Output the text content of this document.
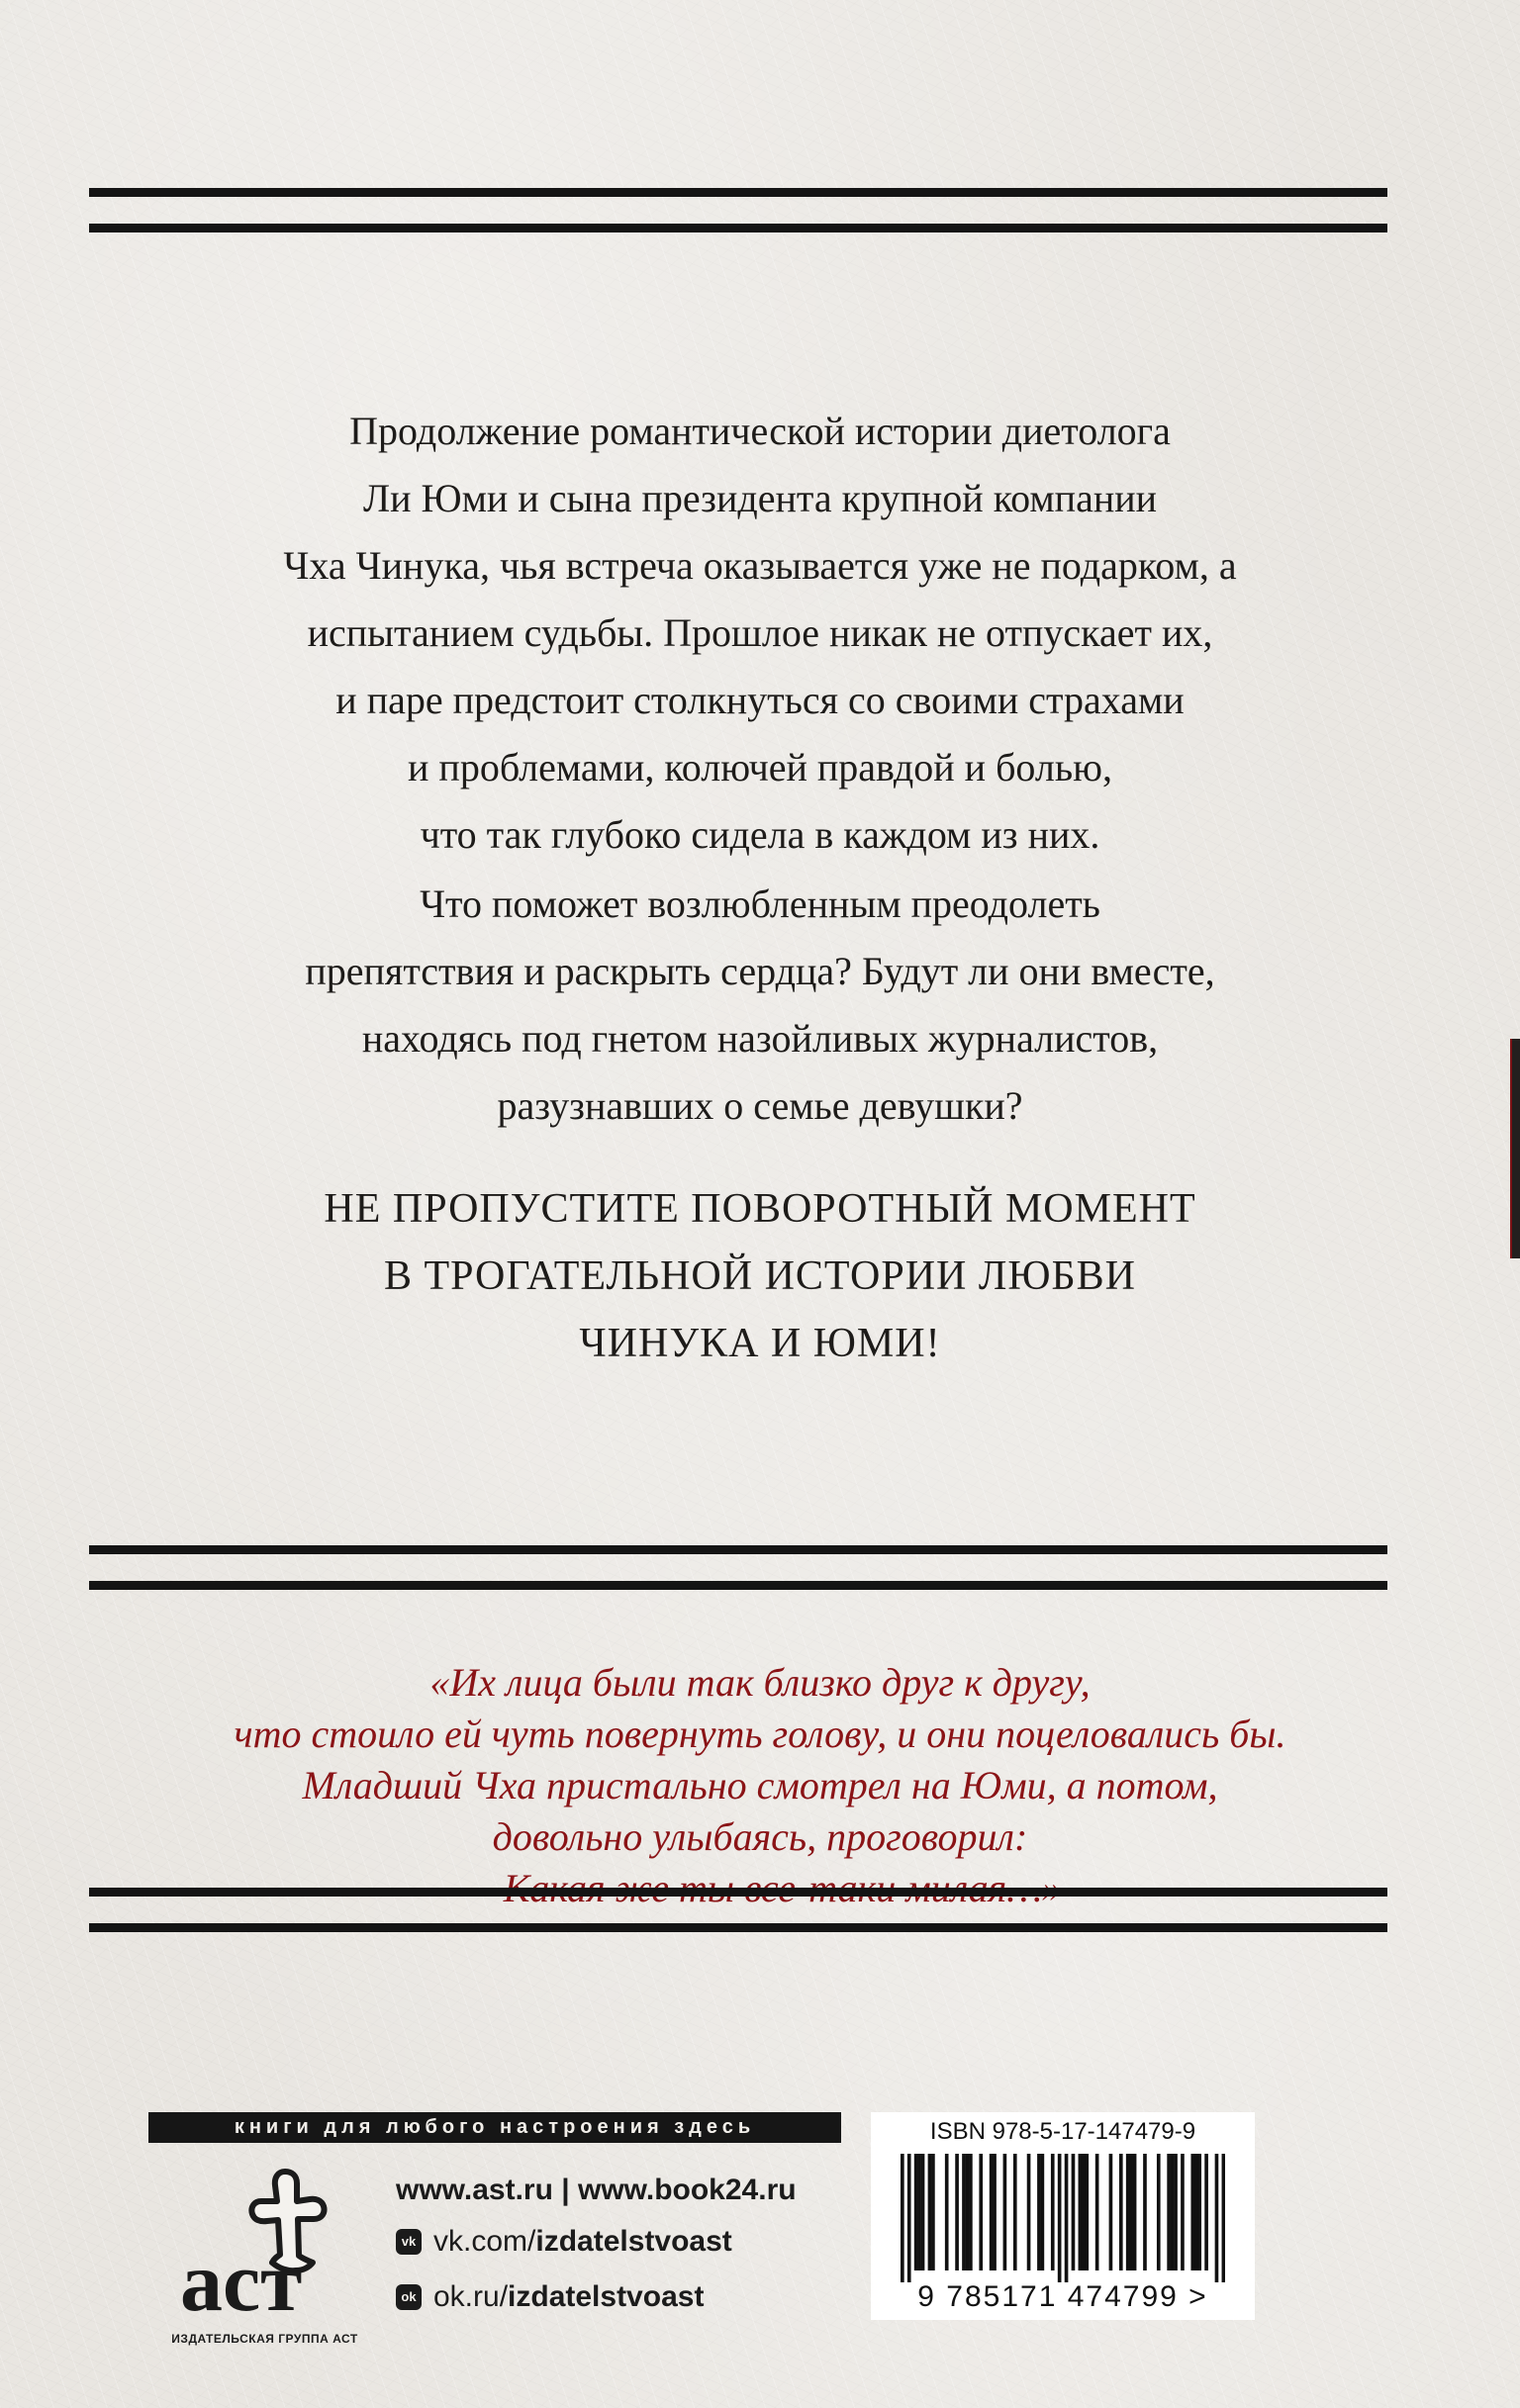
Продолжение романтической истории диетолога
Ли Юми и сына президента крупной компании
Чха Чинука, чья встреча оказывается уже не подарком, а
испытанием судьбы. Прошлое никак не отпускает их,
и паре предстоит столкнуться со своими страхами
и проблемами, колючей правдой и болью,
что так глубоко сидела в каждом из них.

Что поможет возлюбленным преодолеть
препятствия и раскрыть сердца? Будут ли они вместе,
находясь под гнетом назойливых журналистов,
разузнавших о семье девушки?

НЕ ПРОПУСТИТЕ ПОВОРОТНЫЙ МОМЕНТ
В ТРОГАТЕЛЬНОЙ ИСТОРИИ ЛЮБВИ
ЧИНУКА И ЮМИ!

«Их лица были так близко друг к другу,
что стоило ей чуть повернуть голову, и они поцеловались бы.
Младший Чха пристально смотрел на Юми, а потом,
довольно улыбаясь, проговорил:

книги для любого настроения здесь
аст
ИЗДАТЕЛЬСКАЯ ГРУППА АСТ
www.ast.ru | www.book24.ru
vk vk.com/izdatelstvoast
ok ok.ru/izdatelstvoast
ISBN 978-5-17-147479-9
9 785171 474799 >
